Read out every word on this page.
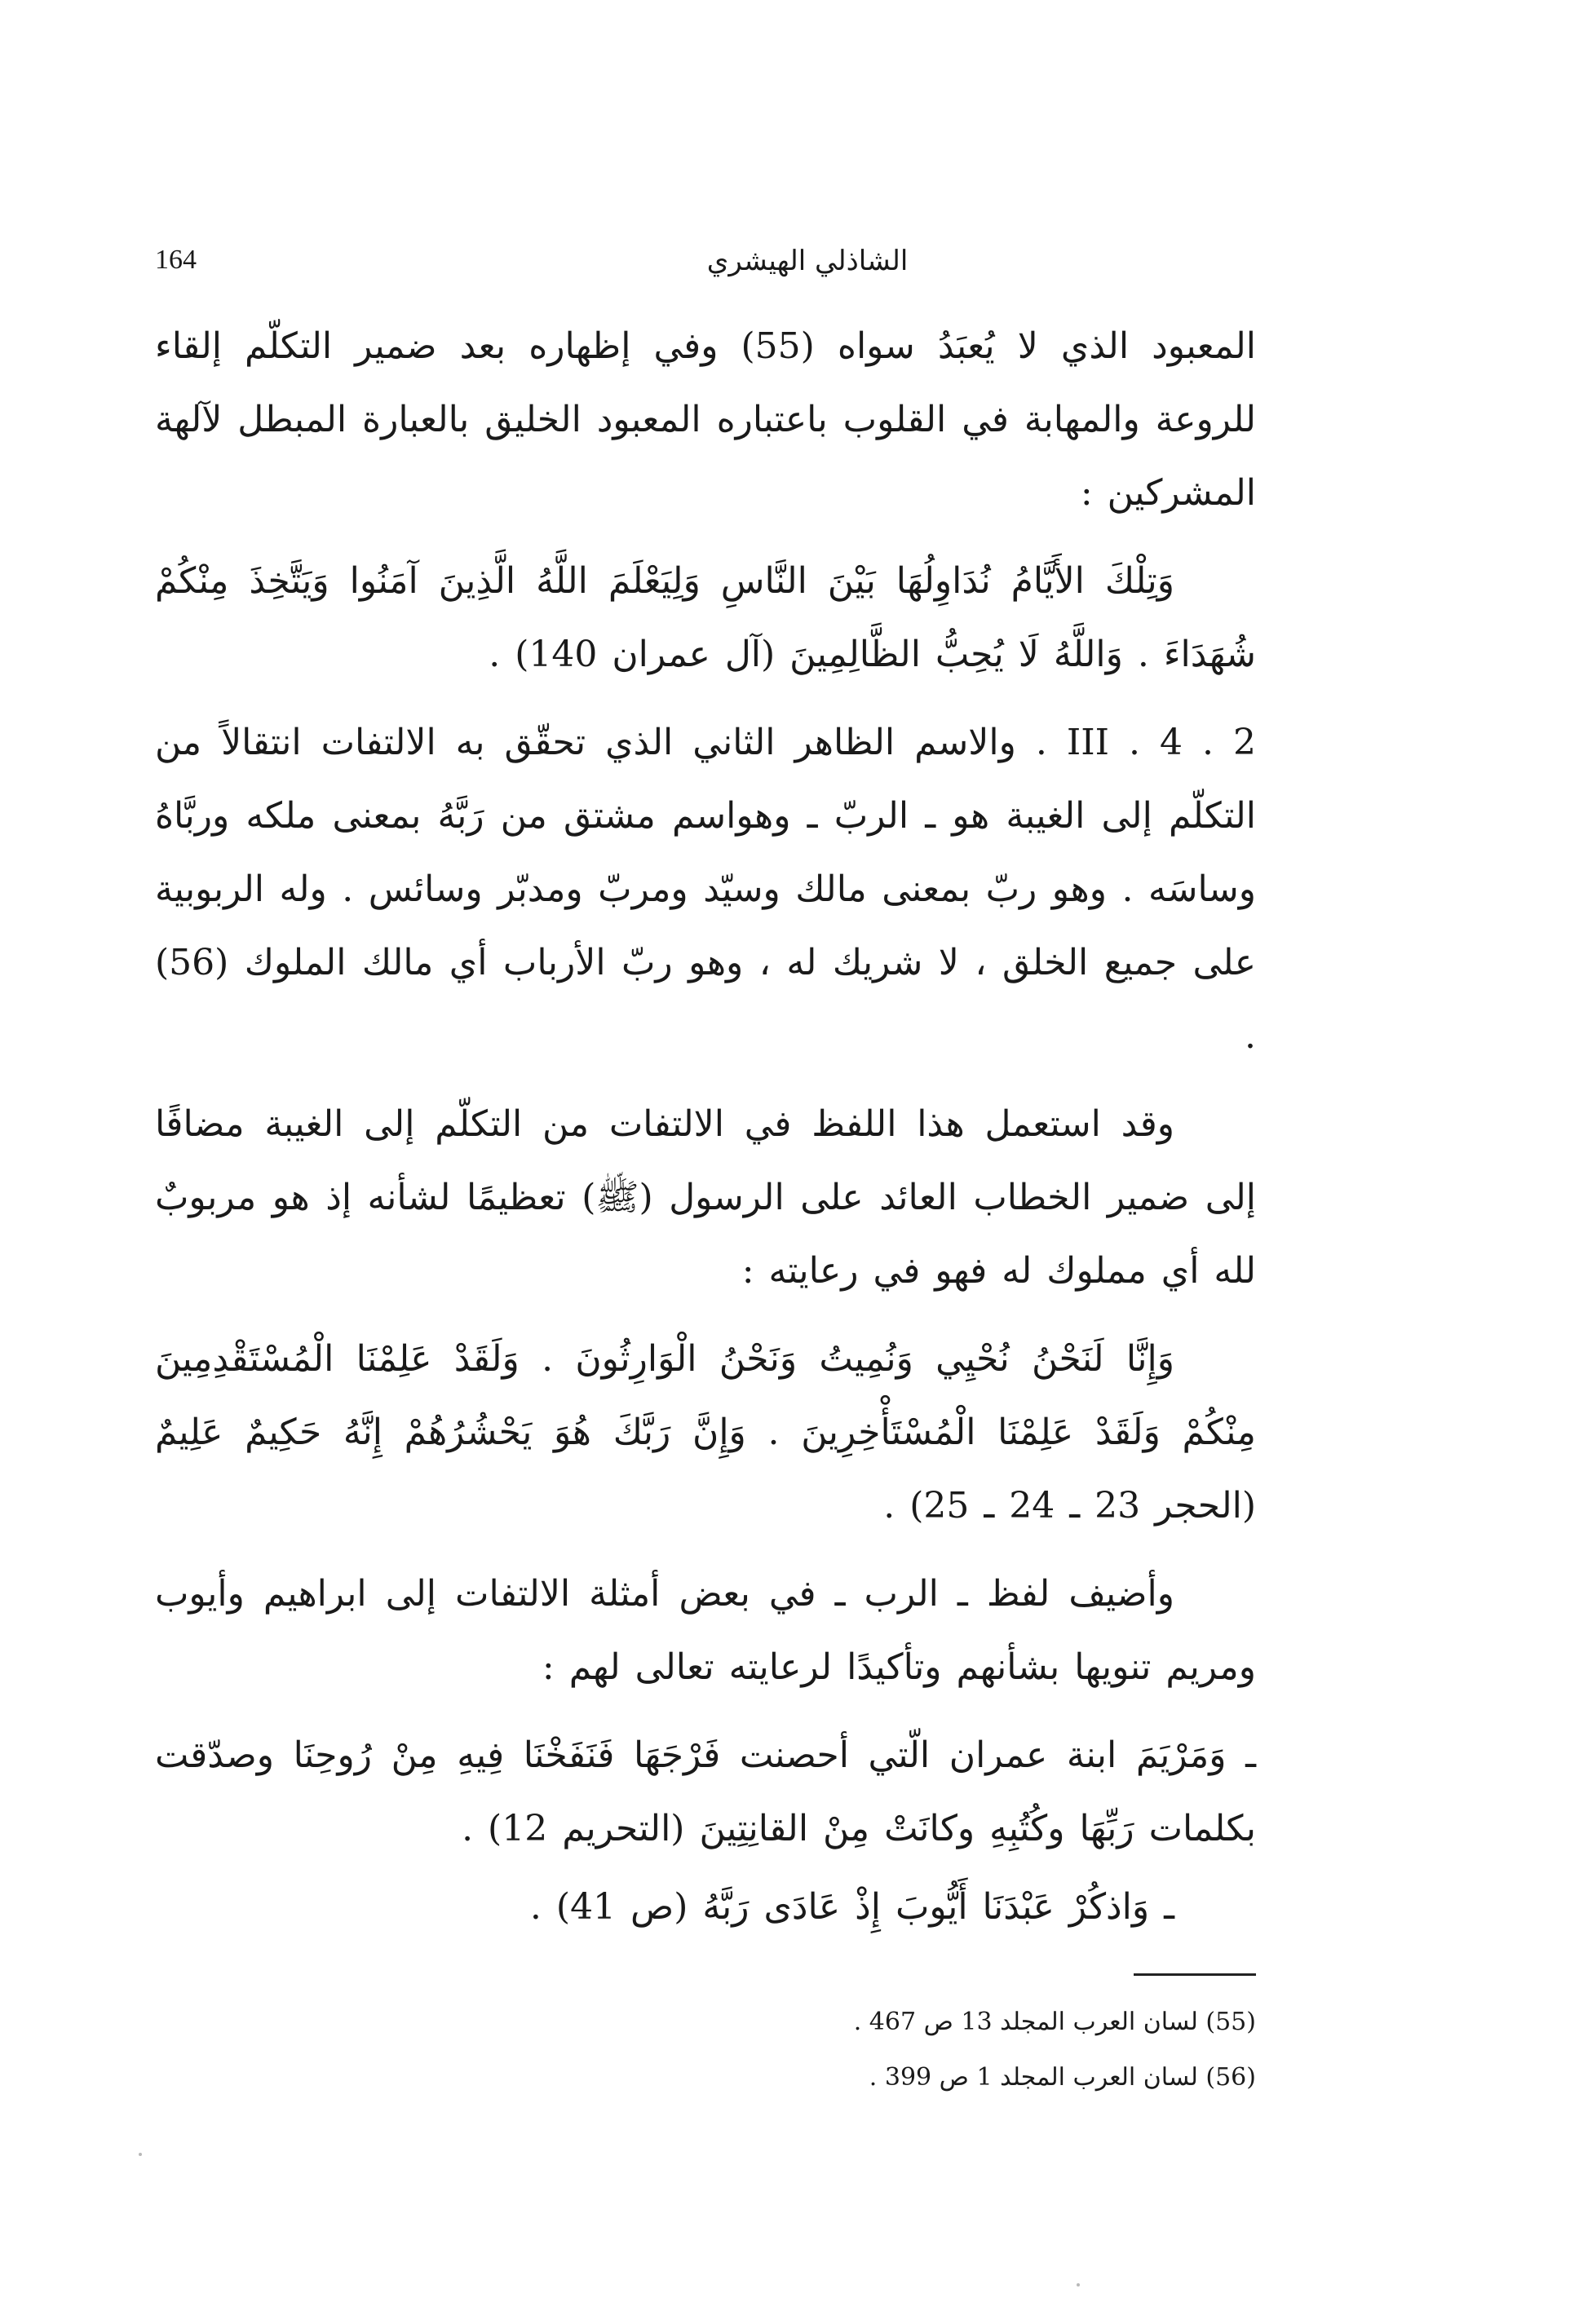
164	الشاذلي الهيشري

المعبود الذي لا يُعبَدُ سواه (55) وفي إظهاره بعد ضمير التكلّم إلقاء للروعة والمهابة في القلوب باعتباره المعبود الخليق بالعبارة المبطل لآلهة المشركين :

وَتِلْكَ الأَيَّامُ نُدَاوِلُهَا بَيْنَ النَّاسِ وَلِيَعْلَمَ اللَّهُ الَّذِينَ آمَنُوا وَيَتَّخِذَ مِنْكُمْ شُهَدَاءَ . وَاللَّهُ لَا يُحِبُّ الظَّالِمِينَ (آل عمران 140) .

III . 4 . 2 . والاسم الظاهر الثاني الذي تحقّق به الالتفات انتقالاً من التكلّم إلى الغيبة هو ـ الربّ ـ وهواسم مشتق من رَبَّهُ بمعنى ملكه وربَّاهُ وساسَه . وهو ربّ بمعنى مالك وسيّد ومربّ ومدبّر وسائس . وله الربوبية على جميع الخلق ، لا شريك له ، وهو ربّ الأرباب أي مالك الملوك (56) .

وقد استعمل هذا اللفظ في الالتفات من التكلّم إلى الغيبة مضافًا إلى ضمير الخطاب العائد على الرسول (ﷺ) تعظيمًا لشأنه إذ هو مربوبٌ لله أي مملوك له فهو في رعايته :

وَإِنَّا لَنَحْنُ نُحْيِي وَنُمِيتُ وَنَحْنُ الْوَارِثُونَ . وَلَقَدْ عَلِمْنَا الْمُسْتَقْدِمِينَ مِنْكُمْ وَلَقَدْ عَلِمْنَا الْمُسْتَأْخِرِينَ . وَإِنَّ رَبَّكَ هُوَ يَحْشُرُهُمْ إِنَّهُ حَكِيمٌ عَلِيمٌ (الحجر 23 ـ 24 ـ 25) .

وأضيف لفظ ـ الرب ـ في بعض أمثلة الالتفات إلى ابراهيم وأيوب ومريم تنويها بشأنهم وتأكيدًا لرعايته تعالى لهم :

ـ وَمَرْيَمَ ابنة عمران الّتي أحصنت فَرْجَهَا فَنَفَخْنَا فِيهِ مِنْ رُوحِنَا وصدّقت بكلمات رَبِّهَا وكُتُبِهِ وكانَتْ مِنْ القانِتِينَ (التحريم 12) .

ـ وَاذكُرْ عَبْدَنَا أَيُّوبَ إِذْ عَادَى رَبَّهُ (ص 41) .

(55) لسان العرب المجلد 13 ص 467 .

(56) لسان العرب المجلد 1 ص 399 .
